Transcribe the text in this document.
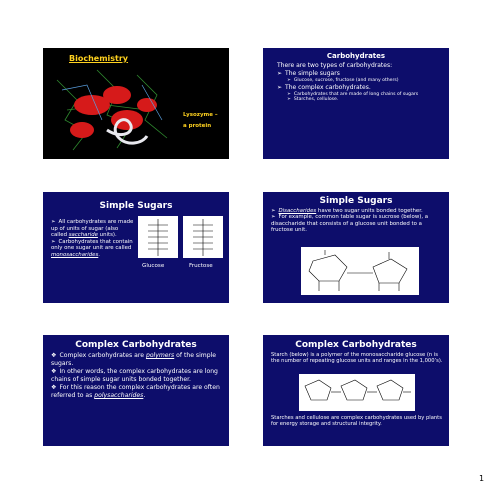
Biochemistry
Lysozyme –
a protein
Carbohydrates
There are two types of carbohydrates:
➢ The simple sugars
➢ Glucose, sucrose, fructose (and many others)
➢ The complex carbohydrates.
➢ Carbohydrates that are made of long chains of sugars
➢ Starches, cellulose.
Simple Sugars
➢ All carbohydrates are made up of units of sugar (also called saccharide units).
➢ Carbohydrates that contain only one sugar unit are called monosaccharides.
Glucose	Fructose
Simple Sugars
➢ Disaccharides have two sugar units bonded together.
➢ For example, common table sugar is sucrose (below), a disaccharide that consists of a glucose unit bonded to a fructose unit.
Complex Carbohydrates
❖ Complex carbohydrates are polymers of the simple sugars.
❖ In other words, the complex carbohydrates are long chains of simple sugar units bonded together.
❖ For this reason the complex carbohydrates are often referred to as polysaccharides.
Complex Carbohydrates
Starch (below) is a polymer of the monosaccharide glucose (n is the number of repeating glucose units and ranges in the 1,000’s).
Starches and cellulose are complex carbohydrates used by plants for energy storage and structural integrity.
1
